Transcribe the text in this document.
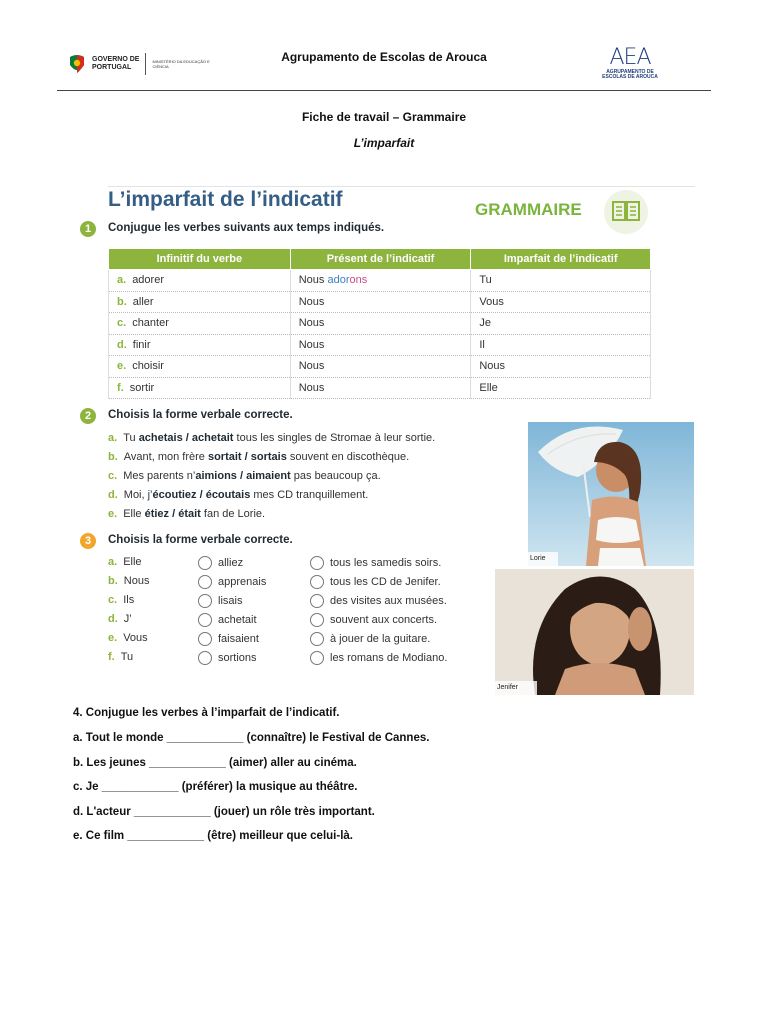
GOVERNO DE
PORTUGAL
MINISTÉRIO DA EDUCAÇÃO E CIÊNCIA
Agrupamento de Escolas de Arouca	AEA
AGRUPAMENTO DE ESCOLAS DE AROUCA
Fiche de travail – Grammaire
L’imparfait
L’imparfait de l’indicatif	GRAMMAIRE
1	Conjugue les verbes suivants aux temps indiqués.
Infinitif du verbe	Présent de l’indicatif	Imparfait de l’indicatif
a. adorer	Nous adorons	Tu
b. aller	Nous	Vous
c. chanter	Nous	Je
d. finir	Nous	Il
e. choisir	Nous	Nous
f. sortir	Nous	Elle
2	Choisis la forme verbale correcte.
a. Tu achetais / achetait tous les singles de Stromae à leur sortie.
b. Avant, mon frère sortait / sortais souvent en discothèque.
c. Mes parents n’aimions / aimaient pas beaucoup ça.
d. Moi, j’écoutiez / écoutais mes CD tranquillement.
e. Elle étiez / était fan de Lorie.
3	Choisis la forme verbale correcte.
a. Elle	alliez	tous les samedis soirs.
b. Nous	apprenais	tous les CD de Jenifer.
c. Ils	lisais	des visites aux musées.
d. J’	achetait	souvent aux concerts.
e. Vous	faisaient	à jouer de la guitare.
f. Tu	sortions	les romans de Modiano.
Lorie
Jenifer
4. Conjugue les verbes à l’imparfait de l’indicatif.
a. Tout le monde ____________ (connaître) le Festival de Cannes.
b. Les jeunes ____________ (aimer) aller au cinéma.
c. Je ____________ (préférer) la musique au théâtre.
d. L'acteur ____________ (jouer) un rôle très important.
e. Ce film ____________ (être) meilleur que celui-là.
